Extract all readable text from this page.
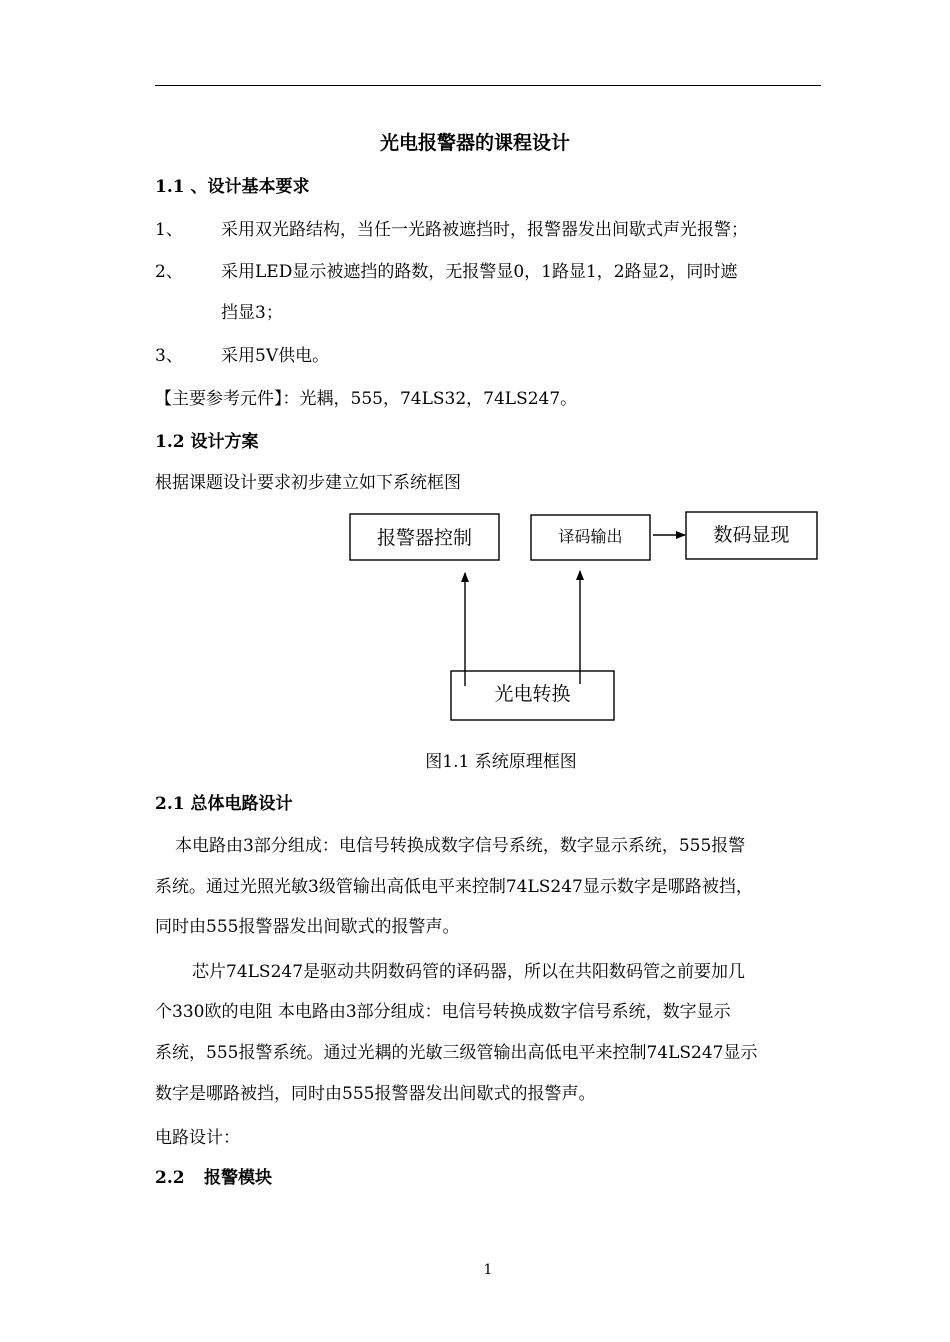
光电报警器的课程设计
1.1 、设计基本要求
1、 采用双光路结构，当任一光路被遮挡时，报警器发出间歇式声光报警；
2、 采用LED显示被遮挡的路数，无报警显0，1路显1，2路显2，同时遮
挡显3；
3、 采用5V供电。
【主要参考元件】：光耦，555，74LS32，74LS247。
1.2 设计方案
根据课题设计要求初步建立如下系统框图
报警器控制	译码输出	数码显现
光电转换
图1.1 系统原理框图
2.1 总体电路设计
本电路由3部分组成：电信号转换成数字信号系统，数字显示系统，555报警
系统。通过光照光敏3级管输出高低电平来控制74LS247显示数字是哪路被挡，
同时由555报警器发出间歇式的报警声。
芯片74LS247是驱动共阴数码管的译码器，所以在共阳数码管之前要加几
个330欧的电阻 本电路由3部分组成：电信号转换成数字信号系统，数字显示
系统，555报警系统。通过光耦的光敏三级管输出高低电平来控制74LS247显示
数字是哪路被挡，同时由555报警器发出间歇式的报警声。
电路设计：
2.2 报警模块
1
